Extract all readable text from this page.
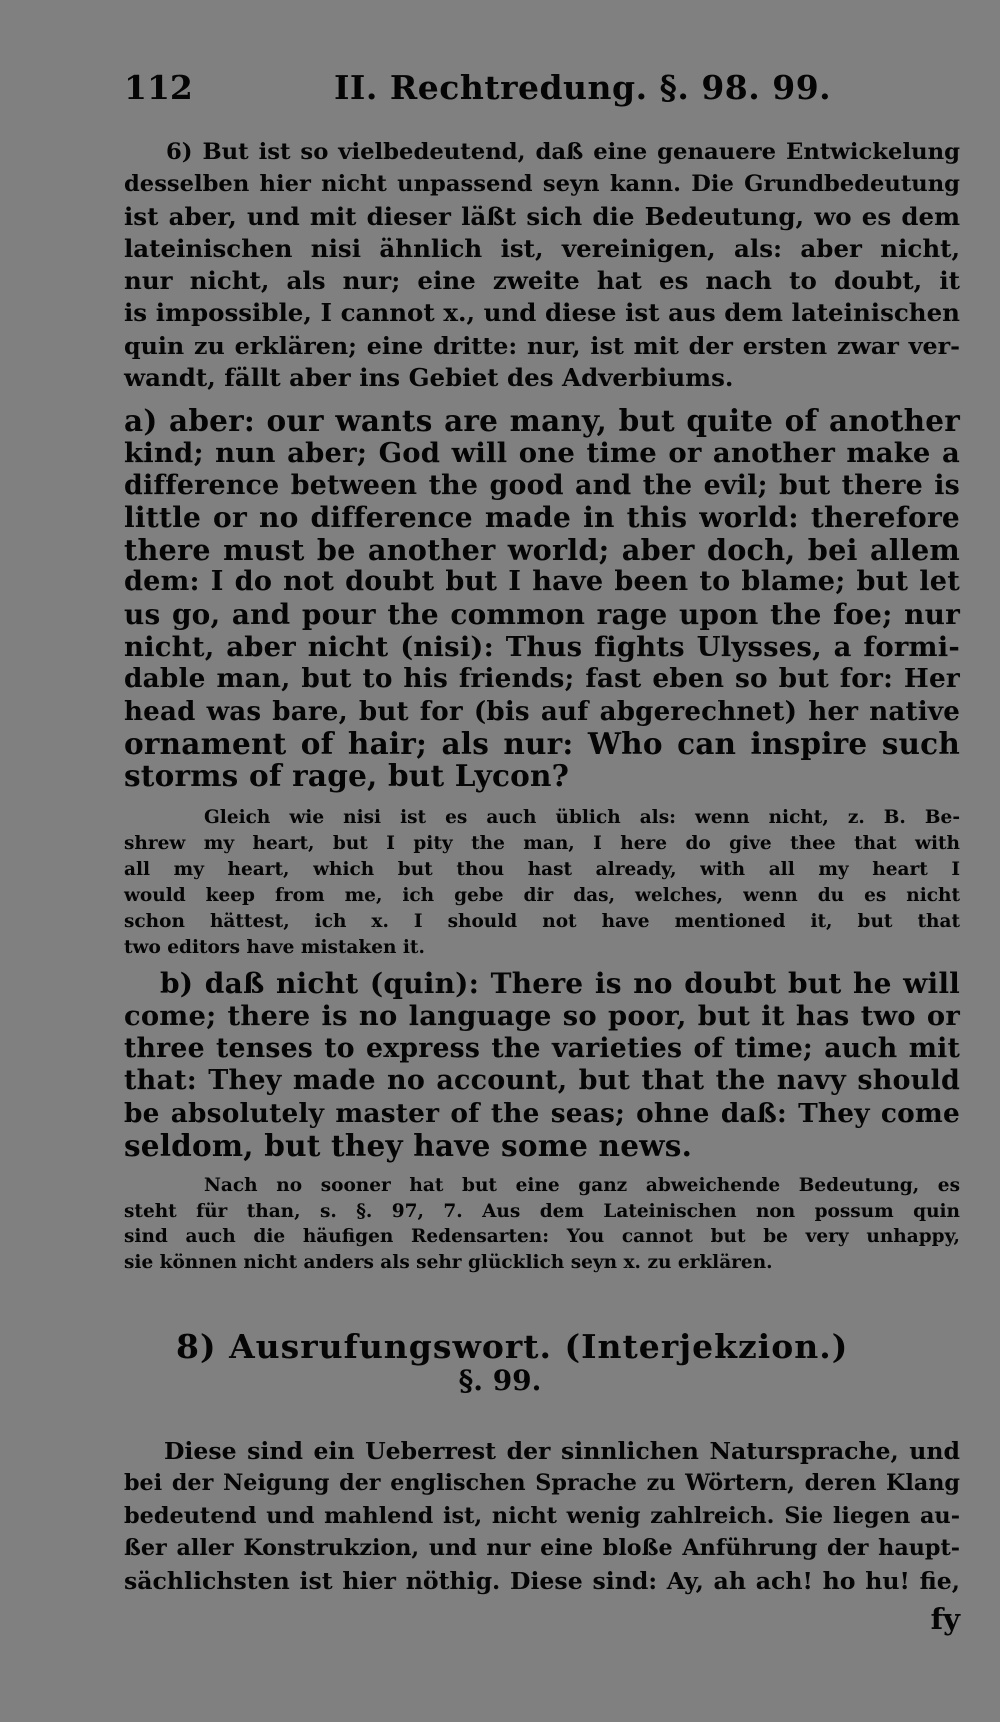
112	II. Rechtredung. §. 98. 99.
6) But ist so vielbedeutend, daß eine genauere Entwickelung
desselben hier nicht unpassend seyn kann. Die Grundbedeutung
ist aber, und mit dieser läßt sich die Bedeutung, wo es dem
lateinischen nisi ähnlich ist, vereinigen, als: aber nicht,
nur nicht, als nur; eine zweite hat es nach to doubt, it
is impossible, I cannot x., und diese ist aus dem lateinischen
quin zu erklären; eine dritte: nur, ist mit der ersten zwar ver-
wandt, fällt aber ins Gebiet des Adverbiums.
a) aber: our wants are many, but quite of another
kind; nun aber; God will one time or another make a
difference between the good and the evil; but there is
little or no difference made in this world: therefore
there must be another world; aber doch, bei allem
dem: I do not doubt but I have been to blame; but let
us go, and pour the common rage upon the foe; nur
nicht, aber nicht (nisi): Thus fights Ulysses, a formi-
dable man, but to his friends; fast eben so but for: Her
head was bare, but for (bis auf abgerechnet) her native
ornament of hair; als nur: Who can inspire such
storms of rage, but Lycon?
Gleich wie nisi ist es auch üblich als: wenn nicht, z. B. Be-
shrew my heart, but I pity the man, I here do give thee that with
all my heart, which but thou hast already, with all my heart I
would keep from me, ich gebe dir das, welches, wenn du es nicht
schon hättest, ich x. I should not have mentioned it, but that
two editors have mistaken it.
b) daß nicht (quin): There is no doubt but he will
come; there is no language so poor, but it has two or
three tenses to express the varieties of time; auch mit
that: They made no account, but that the navy should
be absolutely master of the seas; ohne daß: They come
seldom, but they have some news.
Nach no sooner hat but eine ganz abweichende Bedeutung, es
steht für than, s. §. 97, 7. Aus dem Lateinischen non possum quin
sind auch die häufigen Redensarten: You cannot but be very unhappy,
sie können nicht anders als sehr glücklich seyn x. zu erklären.
8) Ausrufungswort. (Interjekzion.)
§. 99.
Diese sind ein Ueberrest der sinnlichen Natursprache, und
bei der Neigung der englischen Sprache zu Wörtern, deren Klang
bedeutend und mahlend ist, nicht wenig zahlreich. Sie liegen au-
ßer aller Konstrukzion, und nur eine bloße Anführung der haupt-
sächlichsten ist hier nöthig. Diese sind: Ay, ah ach! ho hu! fie,
fy
